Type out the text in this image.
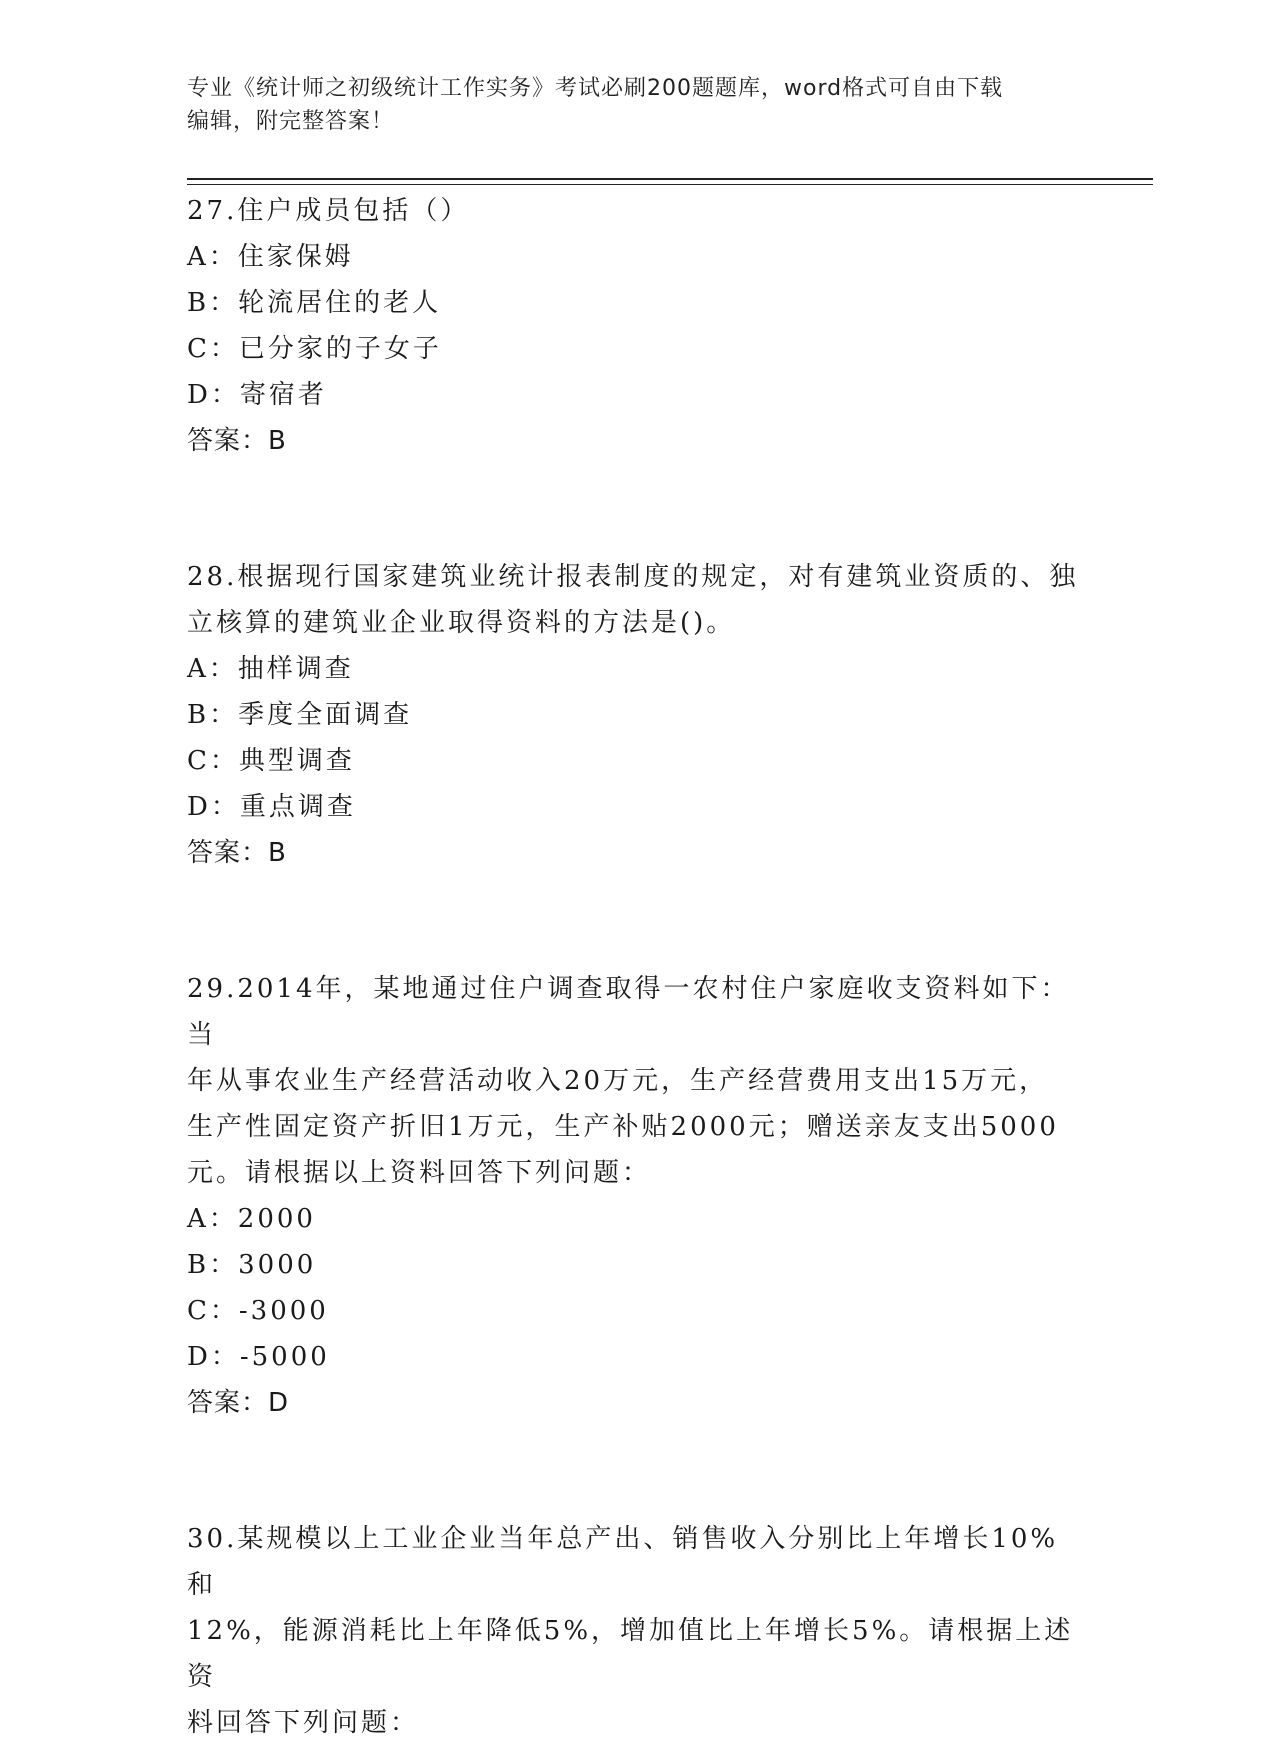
专业《统计师之初级统计工作实务》考试必刷200题题库，word格式可自由下载
编辑，附完整答案！

27.住户成员包括（）

A：住家保姆

B：轮流居住的老人

C：已分家的子女子

D：寄宿者

答案：B

28.根据现行国家建筑业统计报表制度的规定，对有建筑业资质的、独

立核算的建筑业企业取得资料的方法是()。

A：抽样调查

B：季度全面调查

C：典型调查

D：重点调查

答案：B

29.2014年，某地通过住户调查取得一农村住户家庭收支资料如下：当

年从事农业生产经营活动收入20万元，生产经营费用支出15万元，

生产性固定资产折旧1万元，生产补贴2000元；赠送亲友支出5000

元。请根据以上资料回答下列问题：

A：2000

B：3000

C：-3000

D：-5000

答案：D

30.某规模以上工业企业当年总产出、销售收入分别比上年增长10%和

12%，能源消耗比上年降低5%，增加值比上年增长5%。请根据上述资

料回答下列问题：
